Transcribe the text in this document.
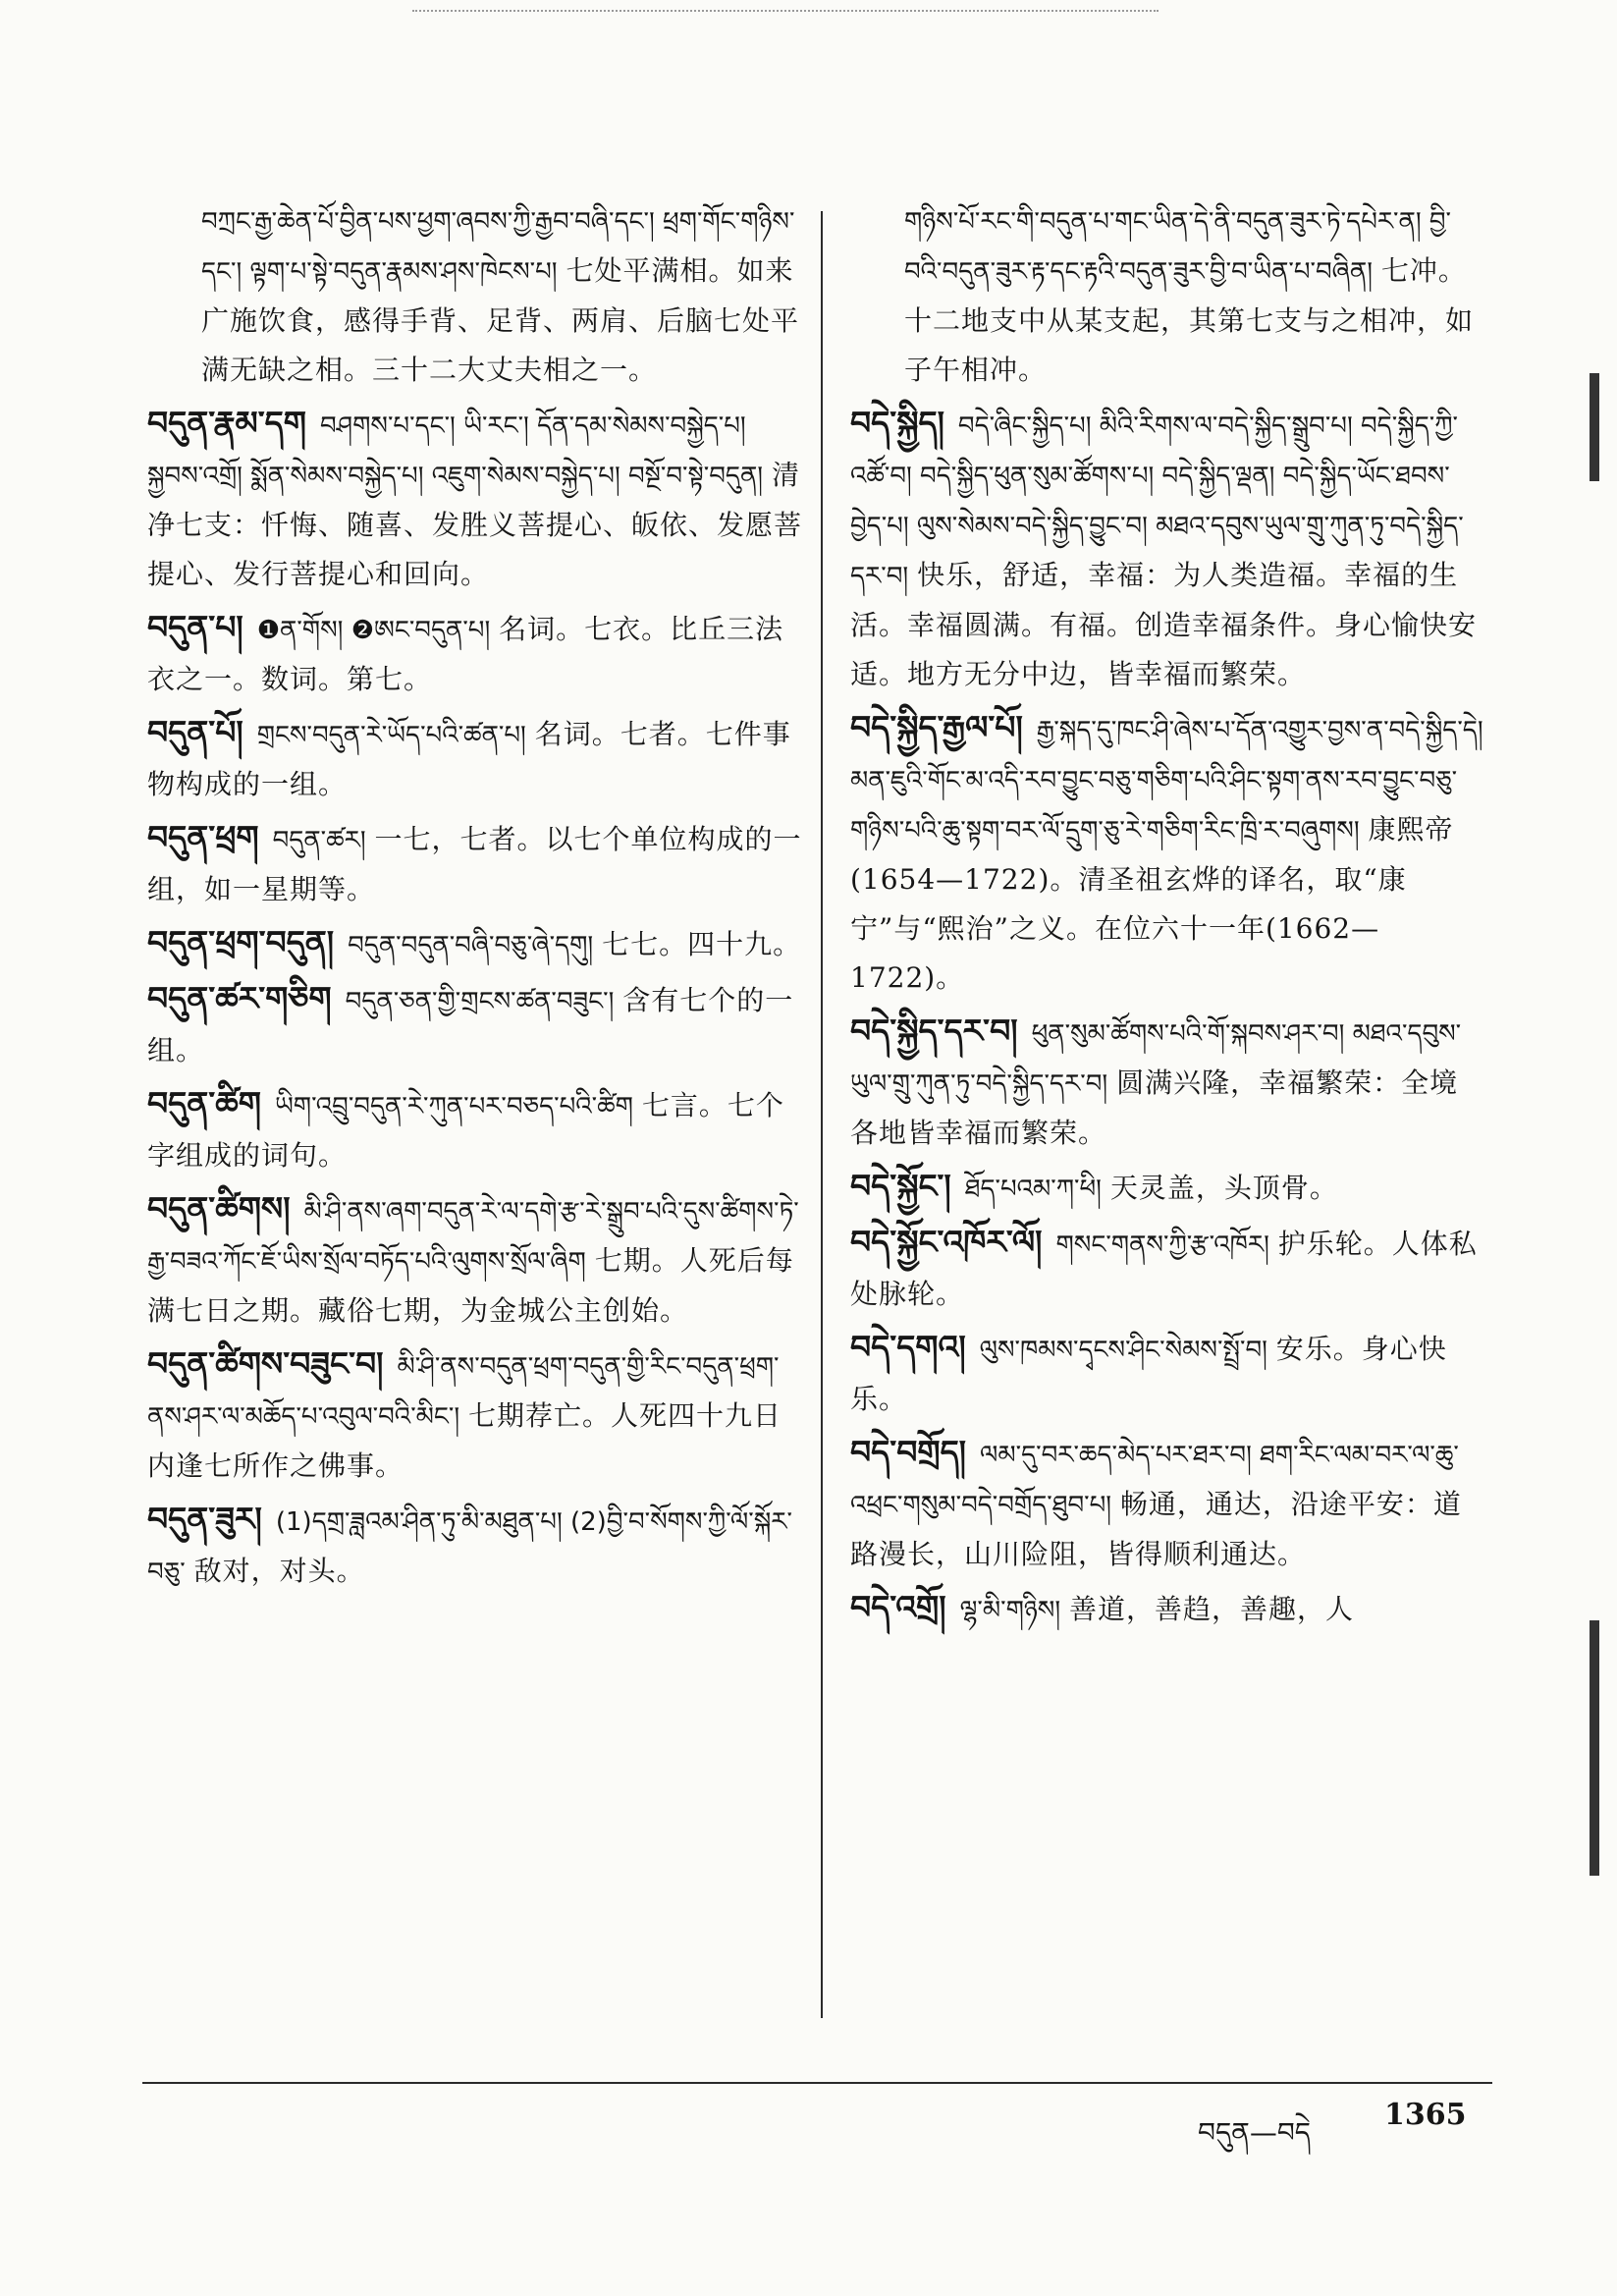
བཀྲང་རྒྱ་ཆེན་པོ་བྱིན་པས་ཕྱག་ཞབས་ཀྱི་རྒྱབ་བཞི་དང་། ཕྲག་གོང་གཉིས་དང་། ལྟག་པ་སྟེ་བདུན་རྣམས་ཤས་ཁེངས་པ། 七处平满相。如来广施饮食，感得手背、足背、两肩、后脑七处平满无缺之相。三十二大丈夫相之一。
བདུན་རྣམ་དག བཤགས་པ་དང་། ཡི་རང་། དོན་དམ་སེམས་བསྐྱེད་པ། སྐྱབས་འགྲོ། སྨོན་སེམས་བསྐྱེད་པ། འཇུག་སེམས་བསྐྱེད་པ། བསྔོ་བ་སྟེ་བདུན། 清净七支：忏悔、随喜、发胜义菩提心、皈依、发愿菩提心、发行菩提心和回向。
བདུན་པ། ❶ན་གོས། ❷ཨང་བདུན་པ། 名词。七衣。比丘三法衣之一。数词。第七。
བདུན་པོ། གྲངས་བདུན་རེ་ཡོད་པའི་ཚན་པ། 名词。七者。七件事物构成的一组。
བདུན་ཕྲག བདུན་ཚར། 一七，七者。以七个单位构成的一组，如一星期等。
བདུན་ཕྲག་བདུན། བདུན་བདུན་བཞི་བཅུ་ཞེ་དགུ། 七七。四十九。
བདུན་ཚར་གཅིག བདུན་ཅན་གྱི་གྲངས་ཚན་བཟུང་། 含有七个的一组。
བདུན་ཚིག ཡིག་འབྲུ་བདུན་རེ་ཀུན་པར་བཅད་པའི་ཚིག 七言。七个字组成的词句。
བདུན་ཚིགས། མི་ཤི་ནས་ཞག་བདུན་རེ་ལ་དགེ་རྩ་རེ་སྒྲུབ་པའི་དུས་ཚིགས་ཏེ་རྒྱ་བཟའ་ཀོང་ཇོ་ཡིས་སྲོལ་བཏོད་པའི་ལུགས་སྲོལ་ཞིག 七期。人死后每满七日之期。藏俗七期，为金城公主创始。
བདུན་ཚིགས་བཟུང་བ། མི་ཤི་ནས་བདུན་ཕྲག་བདུན་གྱི་རིང་བདུན་ཕྲག་ནས་ཤར་ལ་མཆོད་པ་འབུལ་བའི་མིང་། 七期荐亡。人死四十九日内逢七所作之佛事。
བདུན་ཟུར། (1)དགྲ་ཟླའམ་ཤིན་ཏུ་མི་མཐུན་པ། (2)བྱི་བ་སོགས་ཀྱི་ལོ་སྐོར་བཅུ་ 敌对，对头。
གཉིས་པོ་རང་གི་བདུན་པ་གང་ཡིན་དེ་ནི་བདུན་ཟུར་ཏེ་དཔེར་ན། བྱི་བའི་བདུན་ཟུར་རྟ་དང་རྟའི་བདུན་ཟུར་བྱི་བ་ཡིན་པ་བཞིན། 七冲。十二地支中从某支起，其第七支与之相冲，如子午相冲。
བདེ་སྐྱིད། བདེ་ཞིང་སྐྱིད་པ། མིའི་རིགས་ལ་བདེ་སྐྱིད་སྒྲུབ་པ། བདེ་སྐྱིད་ཀྱི་འཚོ་བ། བདེ་སྐྱིད་ཕུན་སུམ་ཚོགས་པ། བདེ་སྐྱིད་ལྡན། བདེ་སྐྱིད་ཡོང་ཐབས་བྱེད་པ། ལུས་སེམས་བདེ་སྐྱིད་བྱུང་བ། མཐའ་དབུས་ཡུལ་གྲུ་ཀུན་ཏུ་བདེ་སྐྱིད་དར་བ། 快乐，舒适，幸福：为人类造福。幸福的生活。幸福圆满。有福。创造幸福条件。身心愉快安适。地方无分中边，皆幸福而繁荣。
བདེ་སྐྱིད་རྒྱལ་པོ། རྒྱ་སྐད་དུ་ཁང་ཤི་ཞེས་པ་དོན་འགྱུར་བྱས་ན་བདེ་སྐྱིད་དེ། མན་ཇུའི་གོང་མ་འདི་རབ་བྱུང་བཅུ་གཅིག་པའི་ཤིང་སྟག་ནས་རབ་བྱུང་བཅུ་གཉིས་པའི་ཆུ་སྟག་བར་ལོ་དྲུག་ཅུ་རེ་གཅིག་རིང་ཁྲི་ར་བཞུགས། 康熙帝(1654—1722)。清圣祖玄烨的译名，取“康宁”与“熙治”之义。在位六十一年(1662—1722)。
བདེ་སྐྱིད་དར་བ། ཕུན་སུམ་ཚོགས་པའི་གོ་སྐབས་ཤར་བ། མཐའ་དབུས་ཡུལ་གྲུ་ཀུན་ཏུ་བདེ་སྐྱིད་དར་བ། 圆满兴隆，幸福繁荣：全境各地皆幸福而繁荣。
བདེ་སྐྱོང་། ཐོད་པའམ་ཀ་ཕི། 天灵盖，头顶骨。
བདེ་སྐྱོང་འཁོར་ལོ། གསང་གནས་ཀྱི་རྩ་འཁོར། 护乐轮。人体私处脉轮。
བདེ་དགའ། ལུས་ཁམས་དྭངས་ཤིང་སེམས་སྤྲོ་བ། 安乐。身心快乐。
བདེ་བགྲོད། ལམ་དུ་བར་ཆད་མེད་པར་ཐར་བ། ཐག་རིང་ལམ་བར་ལ་ཆུ་འཕྲང་གསུམ་བདེ་བགྲོད་ཐུབ་པ། 畅通，通达，沿途平安：道路漫长，山川险阻，皆得顺利通达。
བདེ་འགྲོ། ལྷ་མི་གཉིས། 善道，善趋，善趣，人
བདུན—བདེ
1365
